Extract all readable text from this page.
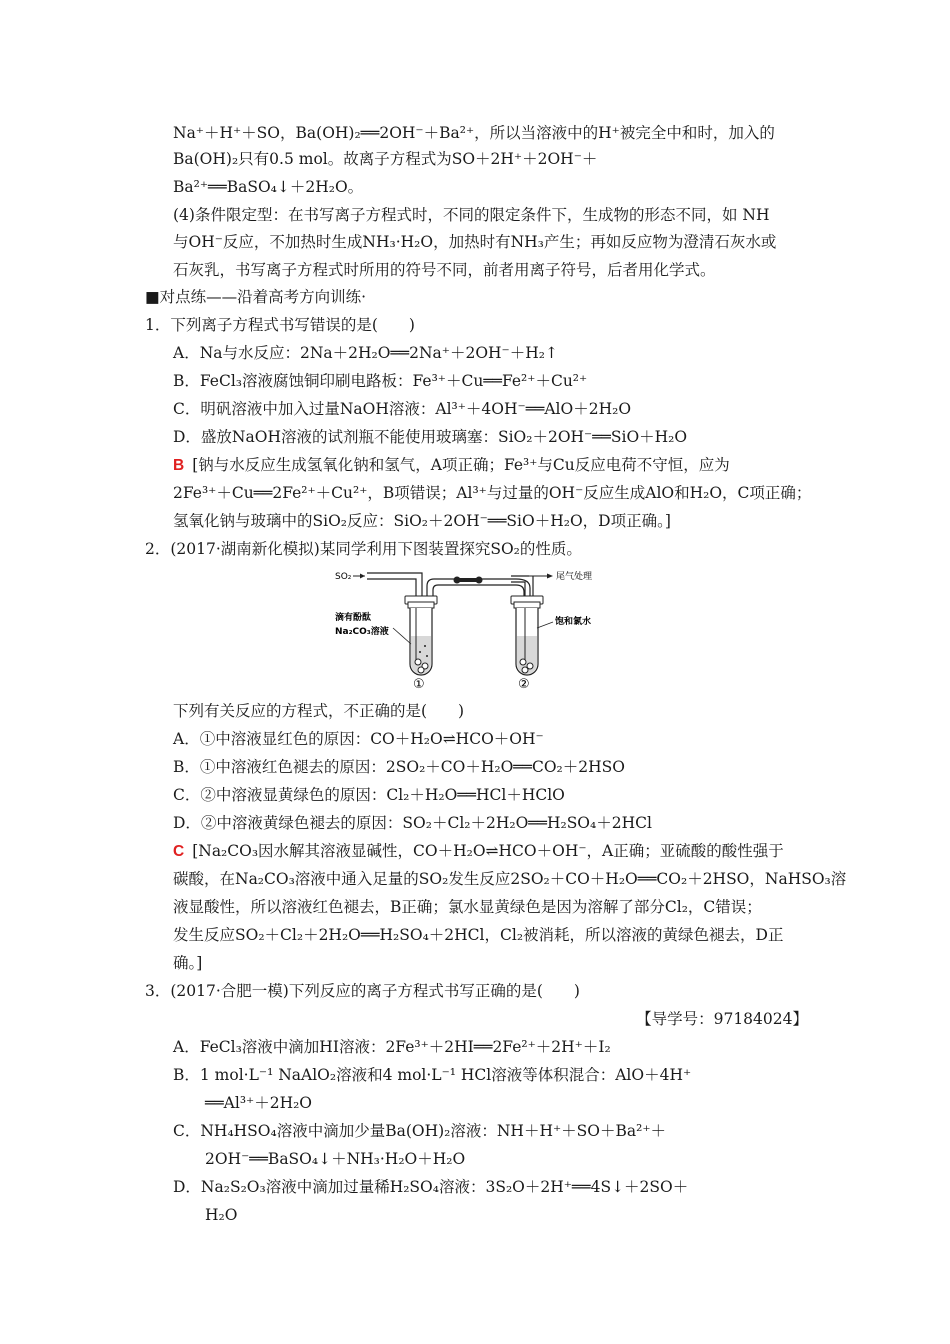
Na⁺＋H⁺＋SO，Ba(OH)₂══2OH⁻＋Ba²⁺，所以当溶液中的H⁺被完全中和时，加入的
Ba(OH)₂只有0.5 mol。故离子方程式为SO＋2H⁺＋2OH⁻＋
Ba²⁺══BaSO₄↓＋2H₂O。
(4)条件限定型：在书写离子方程式时，不同的限定条件下，生成物的形态不同，如 NH
与OH⁻反应，不加热时生成NH₃·H₂O，加热时有NH₃产生；再如反应物为澄清石灰水或
石灰乳，书写离子方程式时所用的符号不同，前者用离子符号，后者用化学式。
■对点练——沿着高考方向训练·
1．下列离子方程式书写错误的是(　　)
A．Na与水反应：2Na＋2H₂O══2Na⁺＋2OH⁻＋H₂↑
B．FeCl₃溶液腐蚀铜印刷电路板：Fe³⁺＋Cu══Fe²⁺＋Cu²⁺
C．明矾溶液中加入过量NaOH溶液：Al³⁺＋4OH⁻══AlO＋2H₂O
D．盛放NaOH溶液的试剂瓶不能使用玻璃塞：SiO₂＋2OH⁻══SiO＋H₂O
B [钠与水反应生成氢氧化钠和氢气，A项正确；Fe³⁺与Cu反应电荷不守恒，应为
2Fe³⁺＋Cu══2Fe²⁺＋Cu²⁺，B项错误；Al³⁺与过量的OH⁻反应生成AlO和H₂O，C项正确；
氢氧化钠与玻璃中的SiO₂反应：SiO₂＋2OH⁻══SiO＋H₂O，D项正确。]
2．(2017·湖南新化模拟)某同学利用下图装置探究SO₂的性质。
SO₂	尾气处理
滴有酚酞
Na₂CO₃溶液
饱和氯水
①	②
下列有关反应的方程式，不正确的是(　　)
A．①中溶液显红色的原因：CO＋H₂O⇌HCO＋OH⁻
B．①中溶液红色褪去的原因：2SO₂＋CO＋H₂O══CO₂＋2HSO
C．②中溶液显黄绿色的原因：Cl₂＋H₂O══HCl＋HClO
D．②中溶液黄绿色褪去的原因：SO₂＋Cl₂＋2H₂O══H₂SO₄＋2HCl
C [Na₂CO₃因水解其溶液显碱性，CO＋H₂O⇌HCO＋OH⁻，A正确；亚硫酸的酸性强于
碳酸，在Na₂CO₃溶液中通入足量的SO₂发生反应2SO₂＋CO＋H₂O══CO₂＋2HSO，NaHSO₃溶
液显酸性，所以溶液红色褪去，B正确；氯水显黄绿色是因为溶解了部分Cl₂，C错误；
发生反应SO₂＋Cl₂＋2H₂O══H₂SO₄＋2HCl，Cl₂被消耗，所以溶液的黄绿色褪去，D正
确。]
3．(2017·合肥一模)下列反应的离子方程式书写正确的是(　　)
【导学号：97184024】
A．FeCl₃溶液中滴加HI溶液：2Fe³⁺＋2HI══2Fe²⁺＋2H⁺＋I₂
B．1 mol·L⁻¹ NaAlO₂溶液和4 mol·L⁻¹ HCl溶液等体积混合：AlO＋4H⁺
══Al³⁺＋2H₂O
C．NH₄HSO₄溶液中滴加少量Ba(OH)₂溶液：NH＋H⁺＋SO＋Ba²⁺＋
2OH⁻══BaSO₄↓＋NH₃·H₂O＋H₂O
D．Na₂S₂O₃溶液中滴加过量稀H₂SO₄溶液：3S₂O＋2H⁺══4S↓＋2SO＋
H₂O
